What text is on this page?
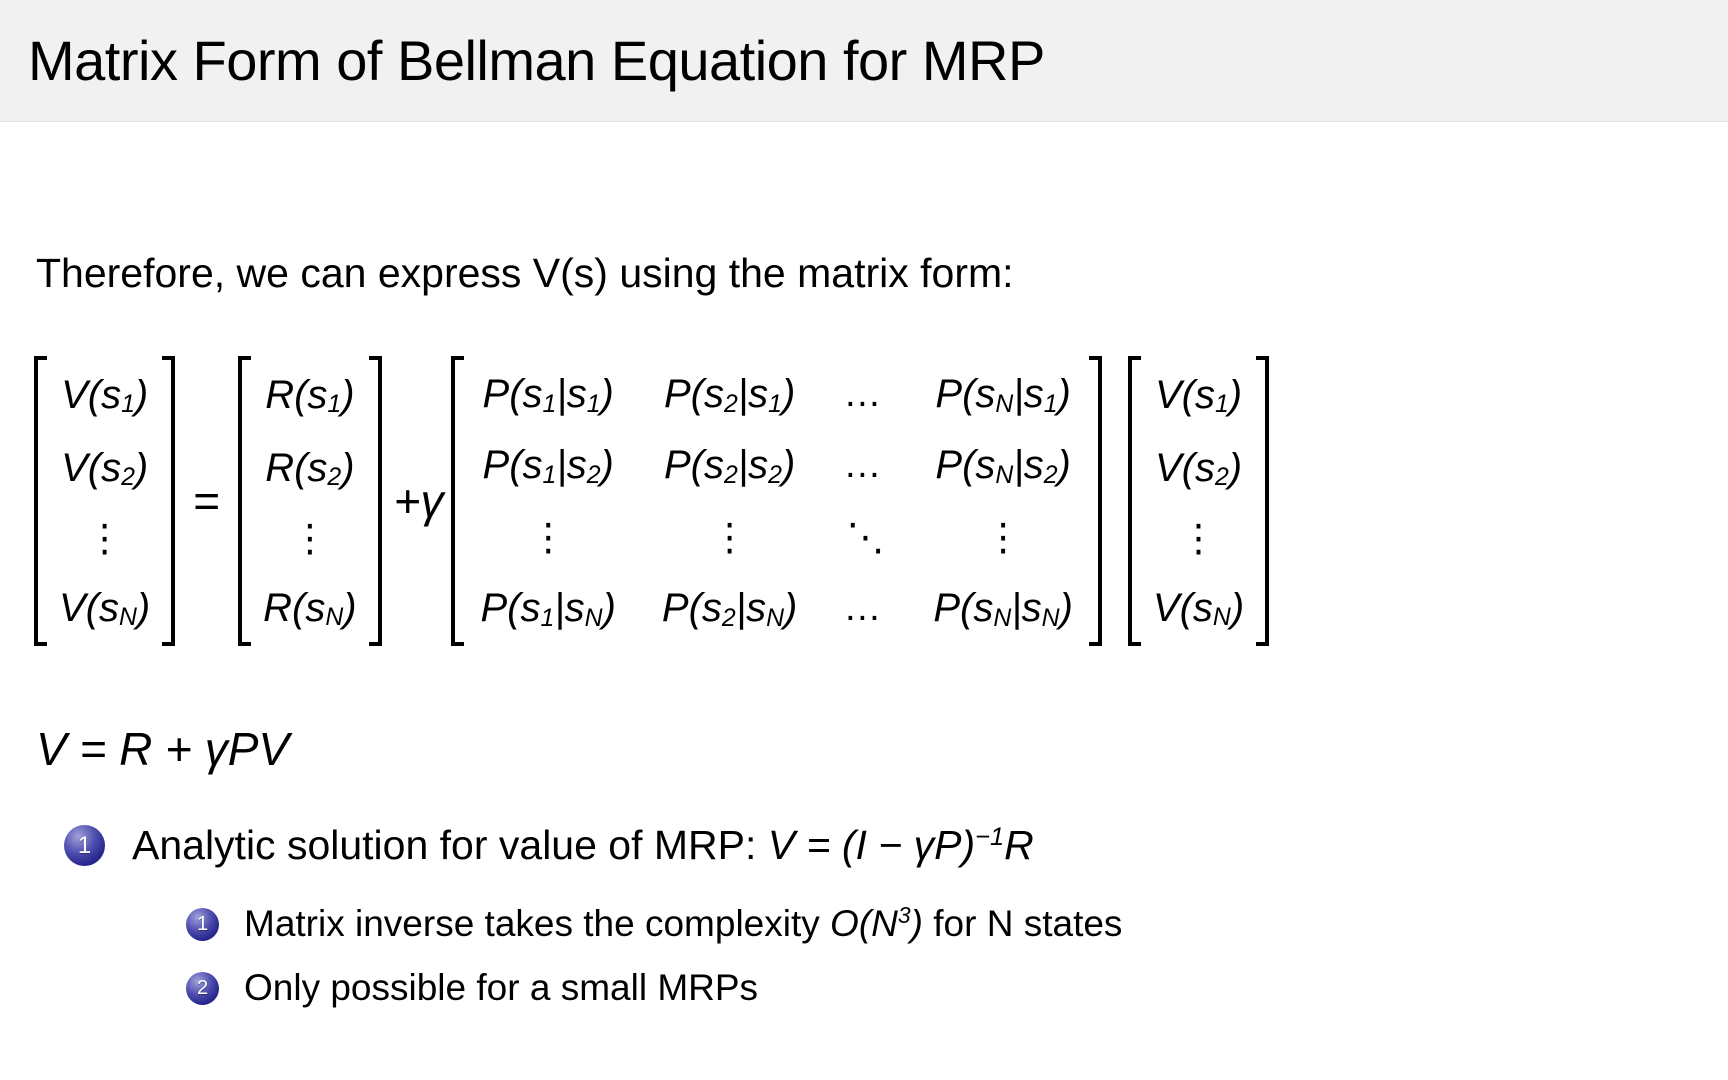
Matrix Form of Bellman Equation for MRP

Therefore, we can express V(s) using the matrix form:

$V(s_1)$
$V(s_2)$
⋮
$V(s_N)$
=
$R(s_1)$
$R(s_2)$
⋮
$R(s_N)$
+γ
$P(s_1|s_1)$ $P(s_2|s_1)$ … $P(s_N|s_1)$
$P(s_1|s_2)$ $P(s_2|s_2)$ … $P(s_N|s_2)$
⋮	⋮	⋱	⋮
$P(s_1|s_N)$ $P(s_2|s_N)$ … $P(s_N|s_N)$
$V(s_1)$
$V(s_2)$
⋮
$V(s_N)$
V = R + γPV
1 Analytic solution for value of MRP: $V = (I - \gamma P)^{-1}R$
1 Matrix inverse takes the complexity $O(N^3)$ for N states
2 Only possible for a small MRPs
